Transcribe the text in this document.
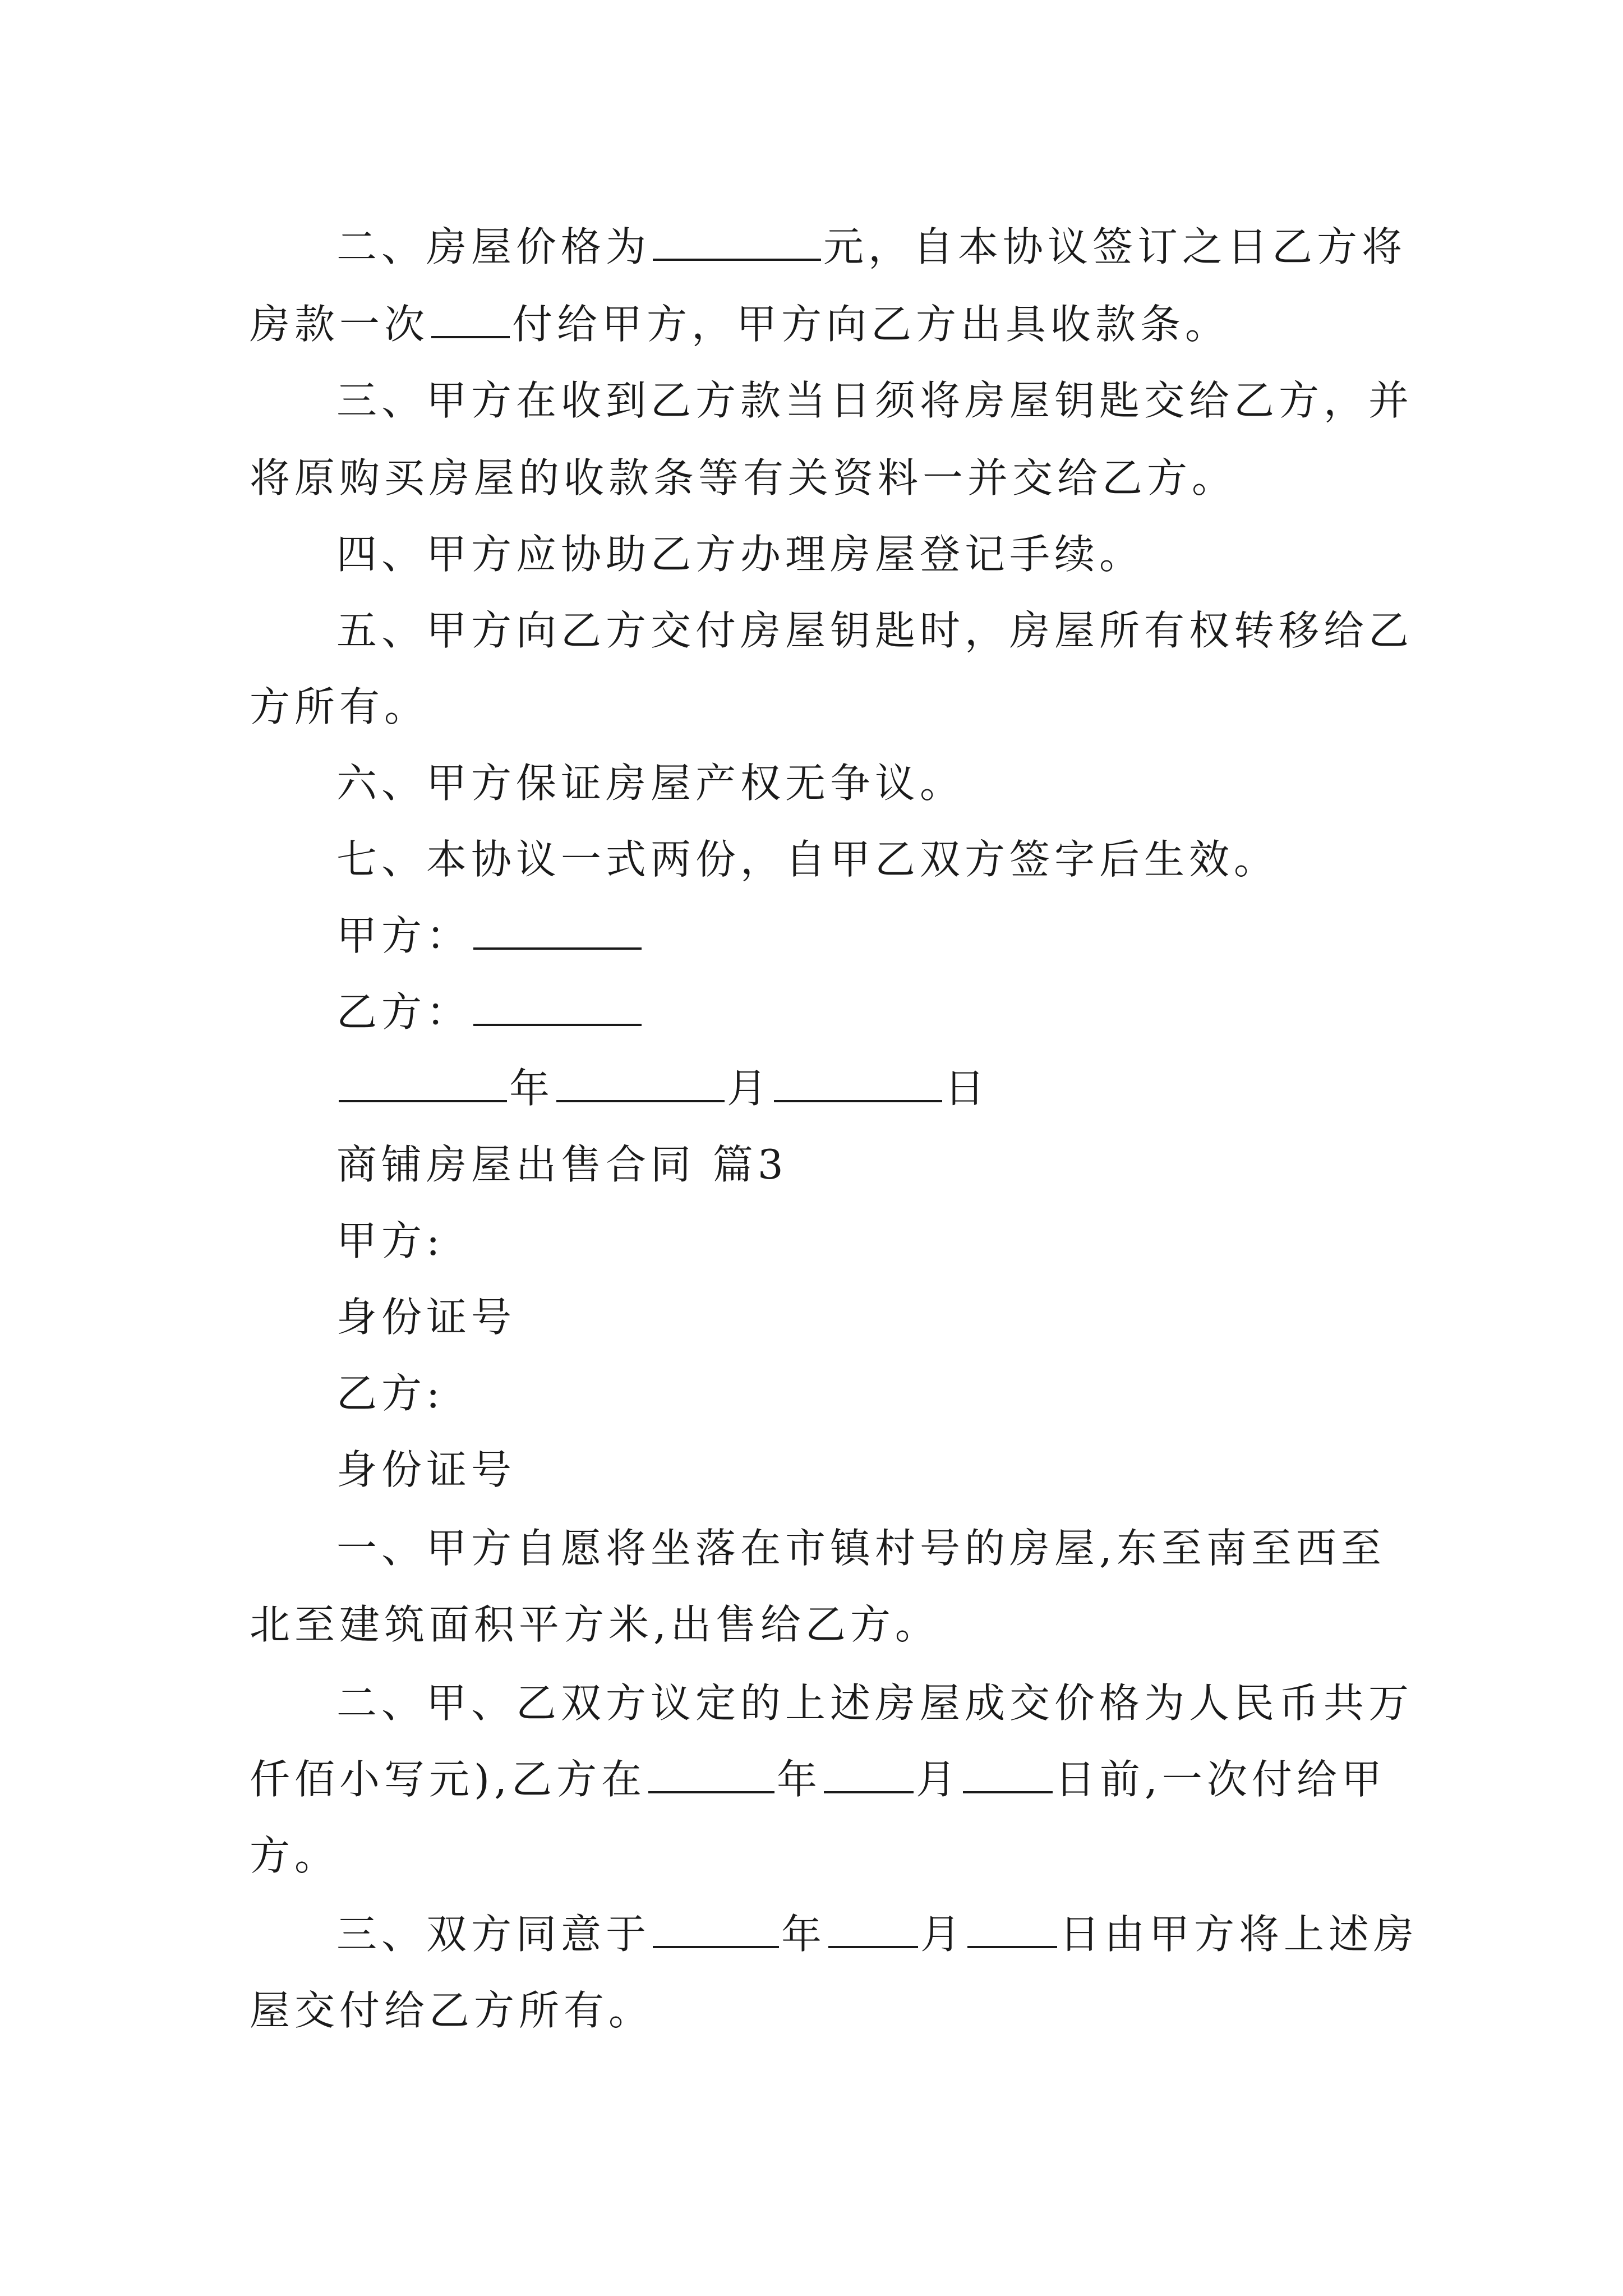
二、房屋价格为	元，自本协议签订之日乙方将
房款一次 付给甲方，甲方向乙方出具收款条。
三、甲方在收到乙方款当日须将房屋钥匙交给乙方，并
将原购买房屋的收款条等有关资料一并交给乙方。
四、甲方应协助乙方办理房屋登记手续。
五、甲方向乙方交付房屋钥匙时，房屋所有权转移给乙
方所有。
六、甲方保证房屋产权无争议。
七、本协议一式两份，自甲乙双方签字后生效。
甲方：
乙方：
年	月	日
商铺房屋出售合同 篇3
甲方:
身份证号
乙方:
身份证号
一、甲方自愿将坐落在市镇村号的房屋,东至南至西至
北至建筑面积平方米,出售给乙方。
二、甲、乙双方议定的上述房屋成交价格为人民币共万
仟佰小写元),乙方在	年 月 日前,一次付给甲
方。
三、双方同意于	年 月 日由甲方将上述房
屋交付给乙方所有。
